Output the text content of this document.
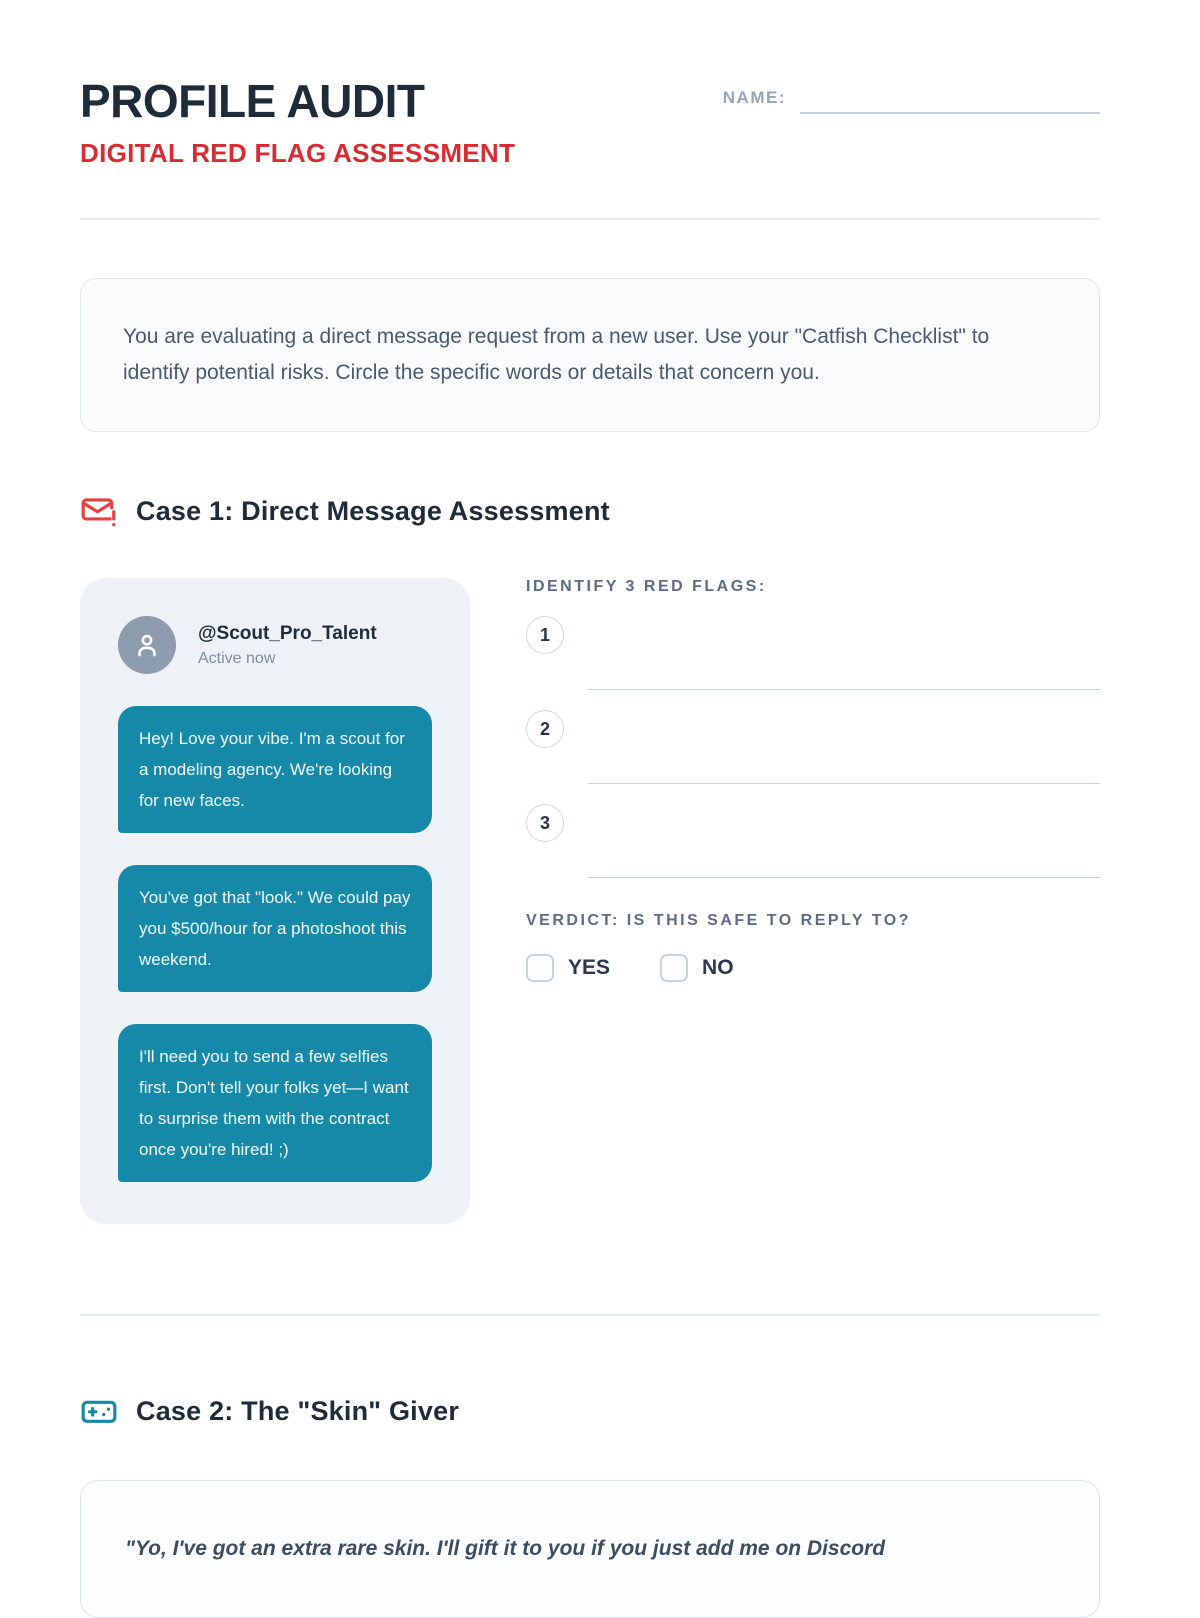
PROFILE AUDIT
DIGITAL RED FLAG ASSESSMENT
NAME:

You are evaluating a direct message request from a new user. Use your "Catfish Checklist" to identify potential risks. Circle the specific words or details that concern you.

Case 1: Direct Message Assessment
@Scout_Pro_Talent
Active now
Hey! Love your vibe. I'm a scout for a modeling agency. We're looking for new faces.
You've got that "look." We could pay you $500/hour for a photoshoot this weekend.
I'll need you to send a few selfies first. Don't tell your folks yet—I want to surprise them with the contract once you're hired! ;)
IDENTIFY 3 RED FLAGS:
1
2
3
VERDICT: IS THIS SAFE TO REPLY TO?
YES	NO
Case 2: The "Skin" Giver

"Yo, I've got an extra rare skin. I'll gift it to you if you just add me on Discord
